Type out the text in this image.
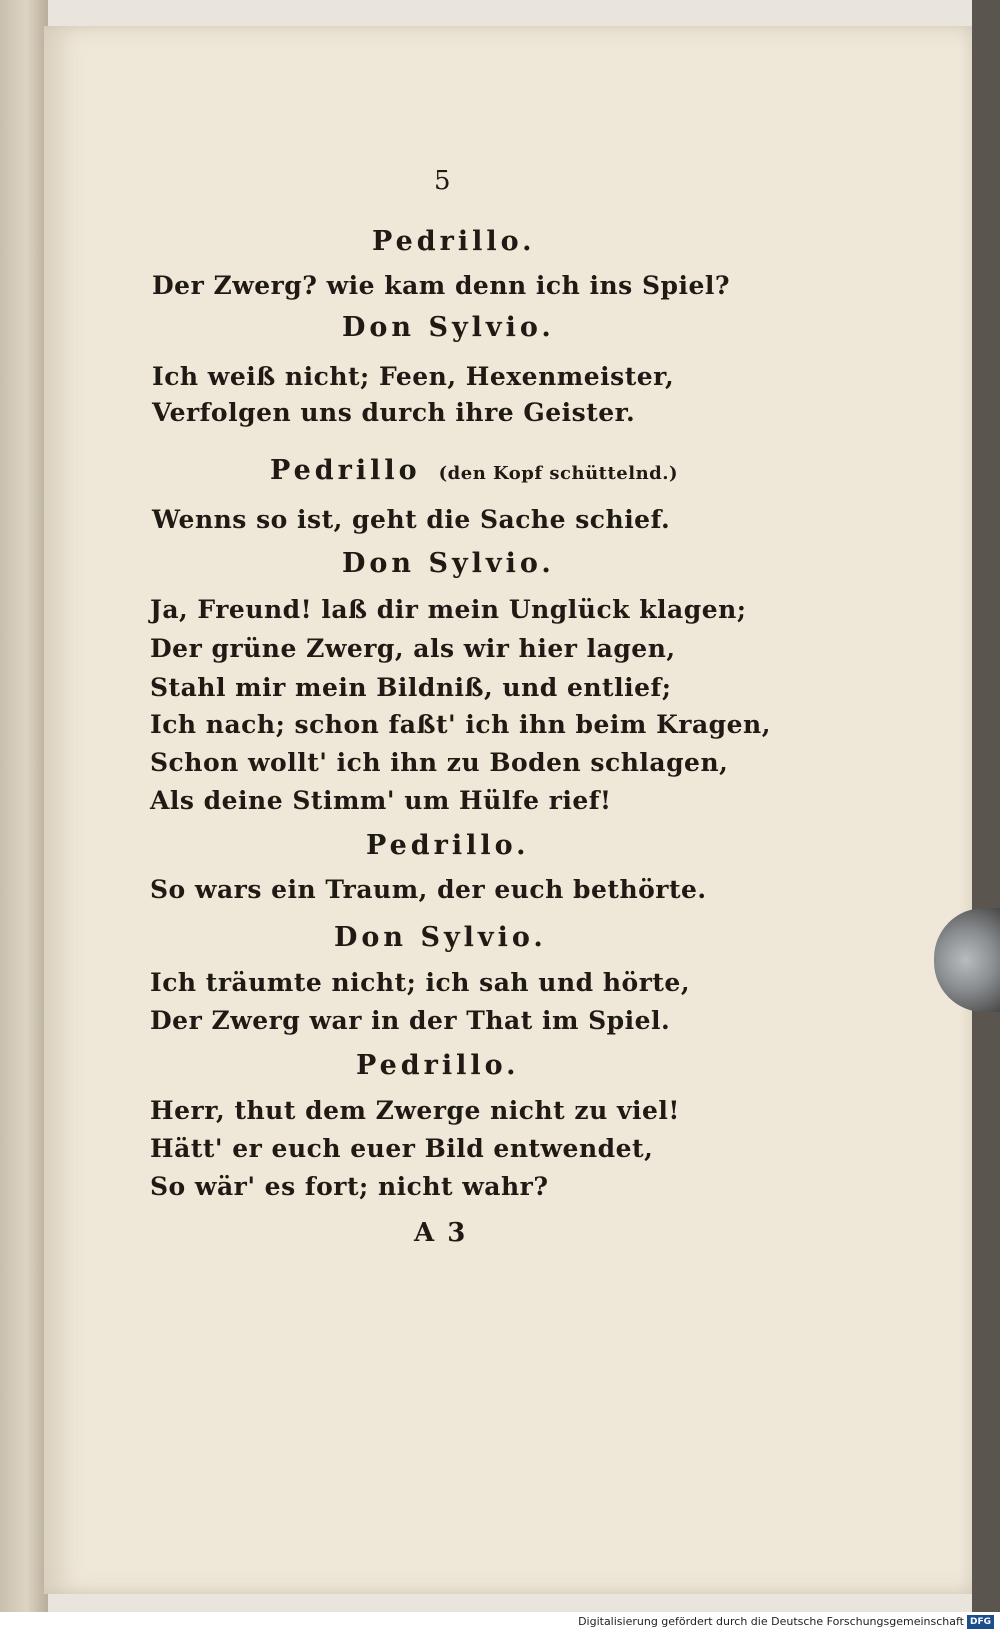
5
Pedrillo.
Der Zwerg? wie kam denn ich ins Spiel?
Don Sylvio.
Ich weiß nicht; Feen, Hexenmeister,
Verfolgen uns durch ihre Geister.
Pedrillo (den Kopf schüttelnd.)
Wenns so ist, geht die Sache schief.
Don Sylvio.
Ja, Freund! laß dir mein Unglück klagen;
Der grüne Zwerg, als wir hier lagen,
Stahl mir mein Bildniß, und entlief;
Ich nach; schon faßt' ich ihn beim Kragen,
Schon wollt' ich ihn zu Boden schlagen,
Als deine Stimm' um Hülfe rief!
Pedrillo.
So wars ein Traum, der euch bethörte.
Don Sylvio.
Ich träumte nicht; ich sah und hörte,
Der Zwerg war in der That im Spiel.
Pedrillo.
Herr, thut dem Zwerge nicht zu viel!
Hätt' er euch euer Bild entwendet,
So wär' es fort; nicht wahr?
A 3
Digitalisierung gefördert durch die Deutsche Forschungsgemeinschaft DFG
